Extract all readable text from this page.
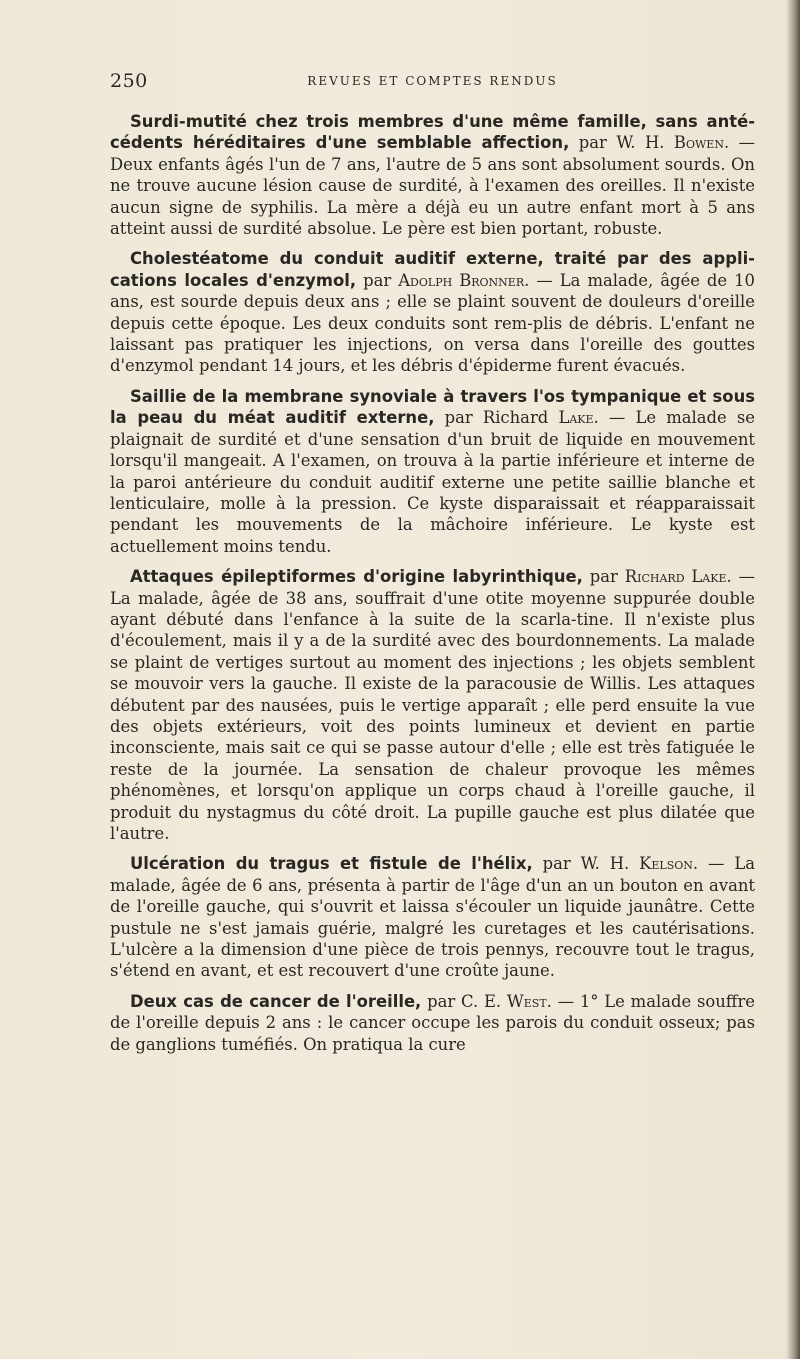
250	REVUES ET COMPTES RENDUS

Surdi-mutité chez trois membres d'une même famille, sans anté-cédents héréditaires d'une semblable affection, par W. H. Bowen. — Deux enfants âgés l'un de 7 ans, l'autre de 5 ans sont absolument sourds. On ne trouve aucune lésion cause de surdité, à l'examen des oreilles. Il n'existe aucun signe de syphilis. La mère a déjà eu un autre enfant mort à 5 ans atteint aussi de surdité absolue. Le père est bien portant, robuste.

Cholestéatome du conduit auditif externe, traité par des appli-cations locales d'enzymol, par Adolph Bronner. — La malade, âgée de 10 ans, est sourde depuis deux ans ; elle se plaint souvent de douleurs d'oreille depuis cette époque. Les deux conduits sont rem-plis de débris. L'enfant ne laissant pas pratiquer les injections, on versa dans l'oreille des gouttes d'enzymol pendant 14 jours, et les débris d'épiderme furent évacués.

Saillie de la membrane synoviale à travers l'os tympanique et sous la peau du méat auditif externe, par Richard Lake. — Le malade se plaignait de surdité et d'une sensation d'un bruit de liquide en mouvement lorsqu'il mangeait. A l'examen, on trouva à la partie inférieure et interne de la paroi antérieure du conduit auditif externe une petite saillie blanche et lenticulaire, molle à la pression. Ce kyste disparaissait et réapparaissait pendant les mouvements de la mâchoire inférieure. Le kyste est actuellement moins tendu.

Attaques épileptiformes d'origine labyrinthique, par Richard Lake. — La malade, âgée de 38 ans, souffrait d'une otite moyenne suppurée double ayant débuté dans l'enfance à la suite de la scarla-tine. Il n'existe plus d'écoulement, mais il y a de la surdité avec des bourdonnements. La malade se plaint de vertiges surtout au moment des injections ; les objets semblent se mouvoir vers la gauche. Il existe de la paracousie de Willis. Les attaques débutent par des nausées, puis le vertige apparaît ; elle perd ensuite la vue des objets extérieurs, voit des points lumineux et devient en partie inconsciente, mais sait ce qui se passe autour d'elle ; elle est très fatiguée le reste de la journée. La sensation de chaleur provoque les mêmes phénomènes, et lorsqu'on applique un corps chaud à l'oreille gauche, il produit du nystagmus du côté droit. La pupille gauche est plus dilatée que l'autre.

Ulcération du tragus et fistule de l'hélix, par W. H. Kelson. — La malade, âgée de 6 ans, présenta à partir de l'âge d'un an un bouton en avant de l'oreille gauche, qui s'ouvrit et laissa s'écouler un liquide jaunâtre. Cette pustule ne s'est jamais guérie, malgré les curetages et les cautérisations. L'ulcère a la dimension d'une pièce de trois pennys, recouvre tout le tragus, s'étend en avant, et est recouvert d'une croûte jaune.

Deux cas de cancer de l'oreille, par C. E. West. — 1° Le malade souffre de l'oreille depuis 2 ans : le cancer occupe les parois du conduit osseux; pas de ganglions tuméfiés. On pratiqua la cure
